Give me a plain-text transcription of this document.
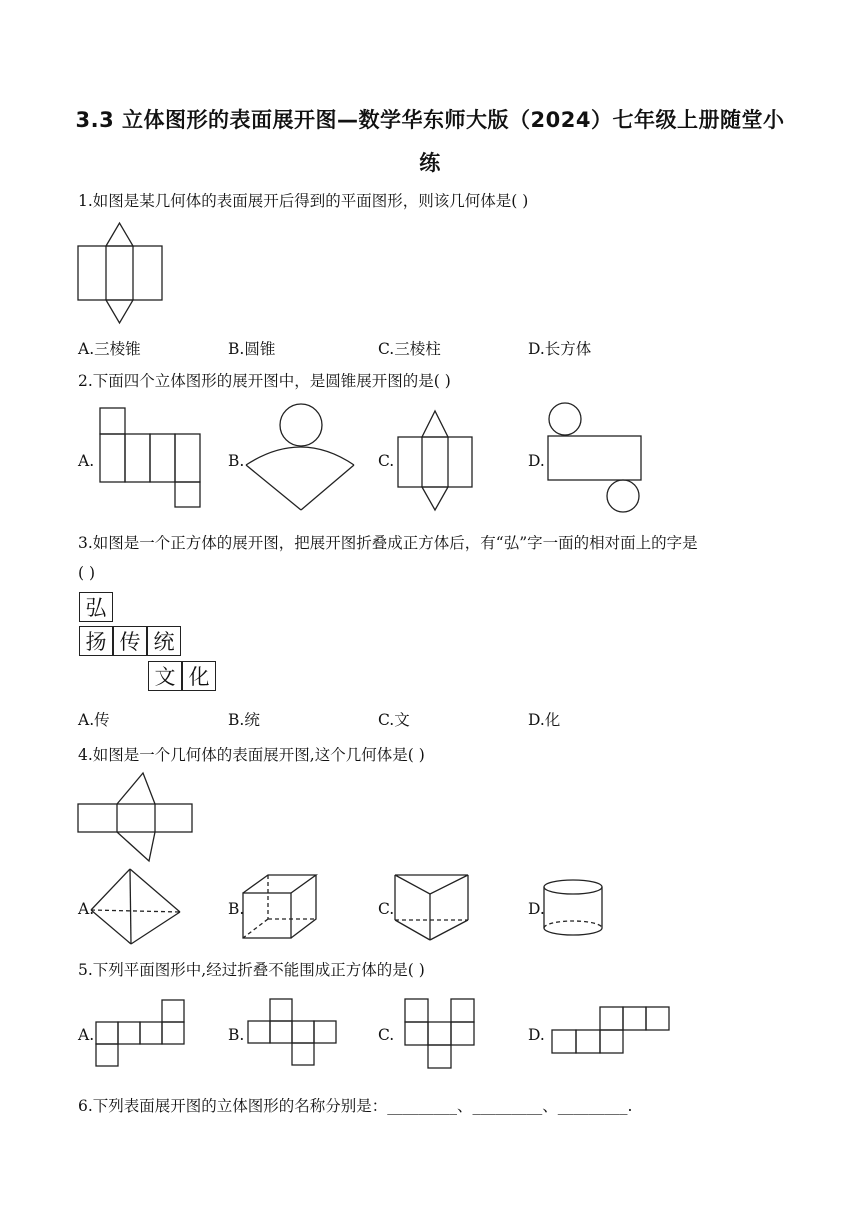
3.3 立体图形的表面展开图—数学华东师大版（2024）七年级上册随堂小
练
1.如图是某几何体的表面展开后得到的平面图形，则该几何体是( )
A.三棱锥	B.圆锥	C.三棱柱	D.长方体
2.下面四个立体图形的展开图中，是圆锥展开图的是( )
A.	B.	C.	D.
3.如图是一个正方体的展开图，把展开图折叠成正方体后，有“弘”字一面的相对面上的字是
( )
弘
扬 传 统
文 化
A.传	B.统	C.文	D.化
4.如图是一个几何体的表面展开图,这个几何体是( )
A.	B.	C.	D.
5.下列平面图形中,经过折叠不能围成正方体的是( )
A.	B.	C.	D.
6.下列表面展开图的立体图形的名称分别是：_________、_________、_________.
